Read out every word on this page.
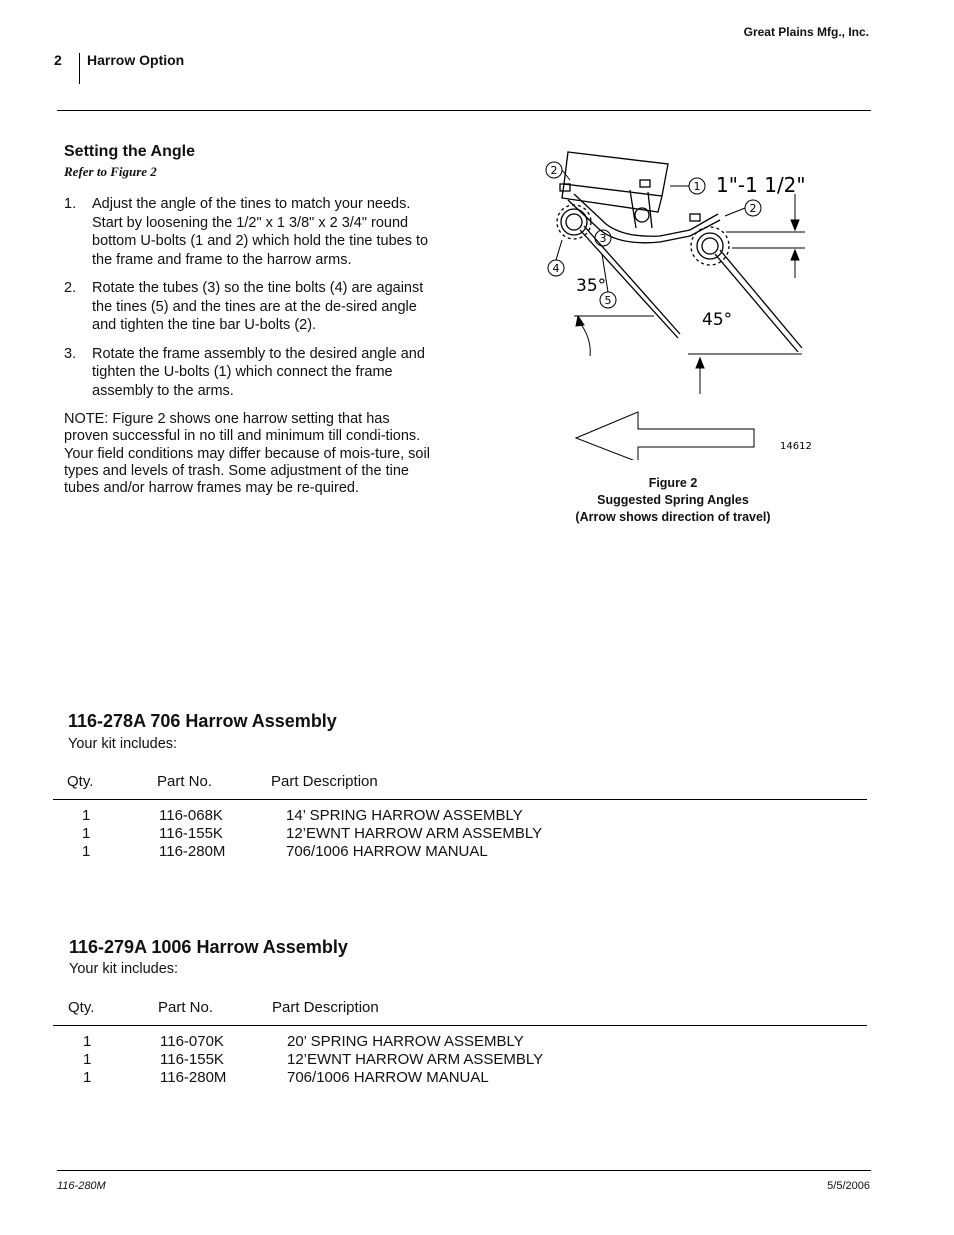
Great Plains Mfg., Inc.
2 Harrow Option
Setting the Angle
Refer to Figure 2
1. Adjust the angle of the tines to match your needs. Start by loosening the 1/2" x 1 3/8" x 2 3/4" round bottom U-bolts (1 and 2) which hold the tine tubes to the frame and frame to the harrow arms.
2. Rotate the tubes (3) so the tine bolts (4) are against the tines (5) and the tines are at the de-sired angle and tighten the tine bar U-bolts (2).
3. Rotate the frame assembly to the desired angle and tighten the U-bolts (1) which connect the frame assembly to the arms.
NOTE: Figure 2 shows one harrow setting that has proven successful in no till and minimum till condi-tions. Your field conditions may differ because of mois-ture, soil types and levels of trash. Some adjustment of the tine tubes and/or harrow frames may be re-quired.
2
1
2
3
4
5
1"-1 1/2"
35°
45°
14612
Figure 2
Suggested Spring Angles
(Arrow shows direction of travel)
116-278A 706 Harrow Assembly
Your kit includes:
Qty.	Part No.	Part Description
1	116-068K	14’ SPRING HARROW ASSEMBLY
1	116-155K	12’EWNT HARROW ARM ASSEMBLY
1	116-280M	706/1006 HARROW MANUAL
116-279A 1006 Harrow Assembly
Your kit includes:
Qty.	Part No.	Part Description
1	116-070K	20’ SPRING HARROW ASSEMBLY
1	116-155K	12’EWNT HARROW ARM ASSEMBLY
1	116-280M	706/1006 HARROW MANUAL
116-280M	5/5/2006
